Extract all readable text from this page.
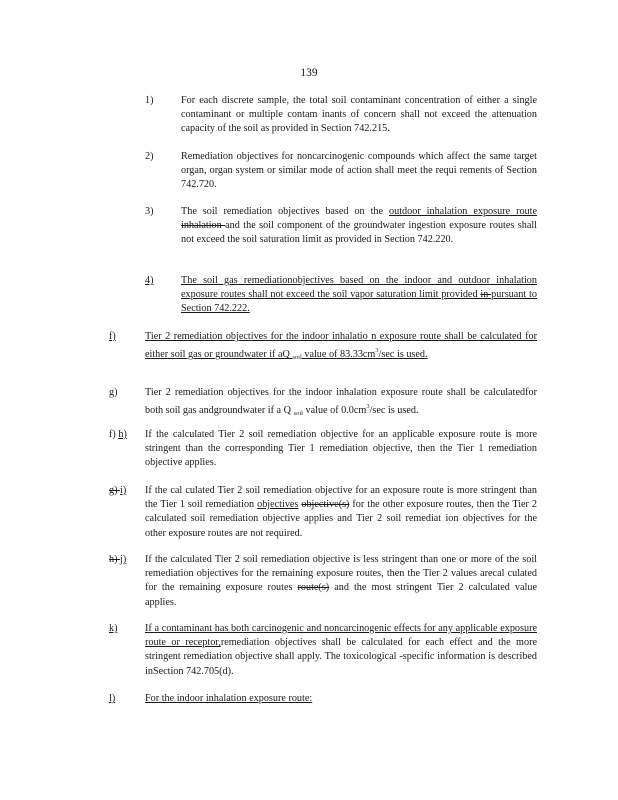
139
1)	For each discrete sample, the total soil contaminant concentration of either a single contaminant or multiple contam inants of concern shall not exceed the attenuation capacity of the soil as provided in Section 742.215.
2)	Remediation objectives for noncarcinogenic compounds which affect the same target organ, organ system or similar mode of action shall meet the requi rements of Section 742.720.
3)	The soil remediation objectives based on the outdoor inhalation exposure route inhalation and the soil component of the groundwater ingestion exposure routes shall not exceed the soil saturation limit as provided in Section 742.220.
4)	The soil gas remediationobjectives based on the indoor and outdoor inhalation exposure routes shall not exceed the soil vapor saturation limit provided in pursuant to Section 742.222.
f)	Tier 2 remediation objectives for the indoor inhalatio n exposure route shall be calculated for either soil gas or groundwater if aQ $_{soil}$ value of $83.33cm^3/\sec$ is used.
g)	Tier 2 remediation objectives for the indoor inhalation exposure route shall be calculatedfor both soil gas andgroundwater if a Q $_{soil}$ value of $0.0cm^3/\sec$ is used.
f) h) If the calculated Tier 2 soil remediation objective for an applicable exposure route is more stringent than the corresponding Tier 1 remediation objective, then the Tier 1 remediation objective applies.
g) i) If the cal culated Tier 2 soil remediation objective for an exposure route is more stringent than the Tier 1 soil remediation objectives objective(s) for the other exposure routes, then the Tier 2 calculated soil remediation objective applies and Tier 2 soil remediat ion objectives for the other exposure routes are not required.
h) j) If the calculated Tier 2 soil remediation objective is less stringent than one or more of the soil remediation objectives for the remaining exposure routes, then the Tier 2 values arecal culated for the remaining exposure routes route(s) and the most stringent Tier 2 calculated value applies.
k)	If a contaminant has both carcinogenic and noncarcinogenic effects for any applicable exposure route or receptor,remediation objectives shall be calculated for each effect and the more stringent remediation objective shall apply. The toxicological -specific information is described inSection 742.705(d).
l)	For the indoor inhalation exposure route:
